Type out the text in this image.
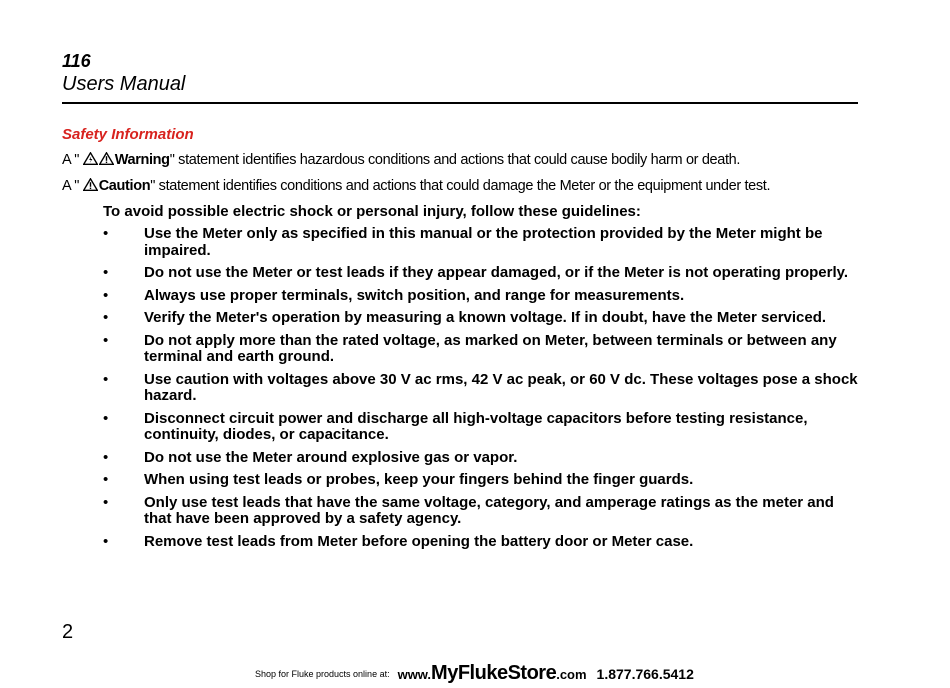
116
Users Manual
Safety Information
A " Warning" statement identifies hazardous conditions and actions that could cause bodily harm or death.
A " Caution" statement identifies conditions and actions that could damage the Meter or the equipment under test.
To avoid possible electric shock or personal injury, follow these guidelines:
• Use the Meter only as specified in this manual or the protection provided by the Meter might be impaired.
• Do not use the Meter or test leads if they appear damaged, or if the Meter is not operating properly.
• Always use proper terminals, switch position, and range for measurements.
• Verify the Meter's operation by measuring a known voltage. If in doubt, have the Meter serviced.
• Do not apply more than the rated voltage, as marked on Meter, between terminals or between any terminal and earth ground.
• Use caution with voltages above 30 V ac rms, 42 V ac peak, or 60 V dc. These voltages pose a shock hazard.
• Disconnect circuit power and discharge all high-voltage capacitors before testing resistance, continuity, diodes, or capacitance.
• Do not use the Meter around explosive gas or vapor.
• When using test leads or probes, keep your fingers behind the finger guards.
• Only use test leads that have the same voltage, category, and amperage ratings as the meter and that have been approved by a safety agency.
• Remove test leads from Meter before opening the battery door or Meter case.
2
Shop for Fluke products online at: www.MyFlukeStore.com 1.877.766.5412
